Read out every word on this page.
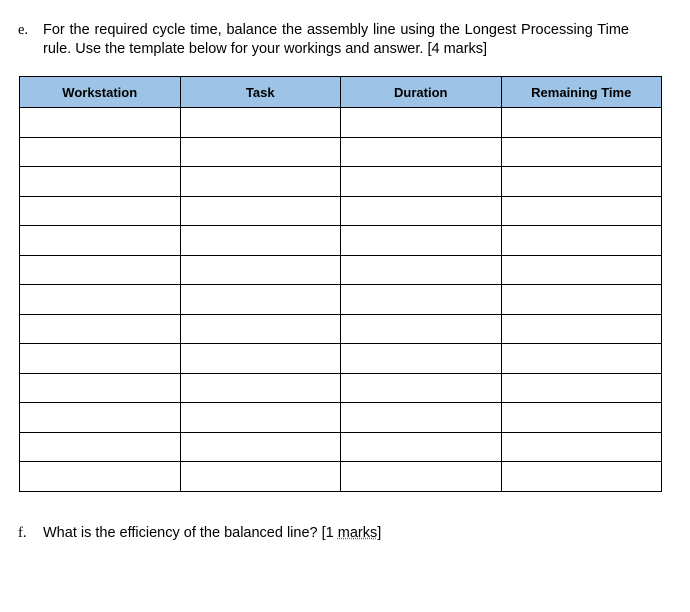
e. For the required cycle time, balance the assembly line using the Longest Processing Time rule. Use the template below for your workings and answer. [4 marks]
Workstation	Task	Duration	Remaining Time

f. What is the efficiency of the balanced line? [1 marks]
